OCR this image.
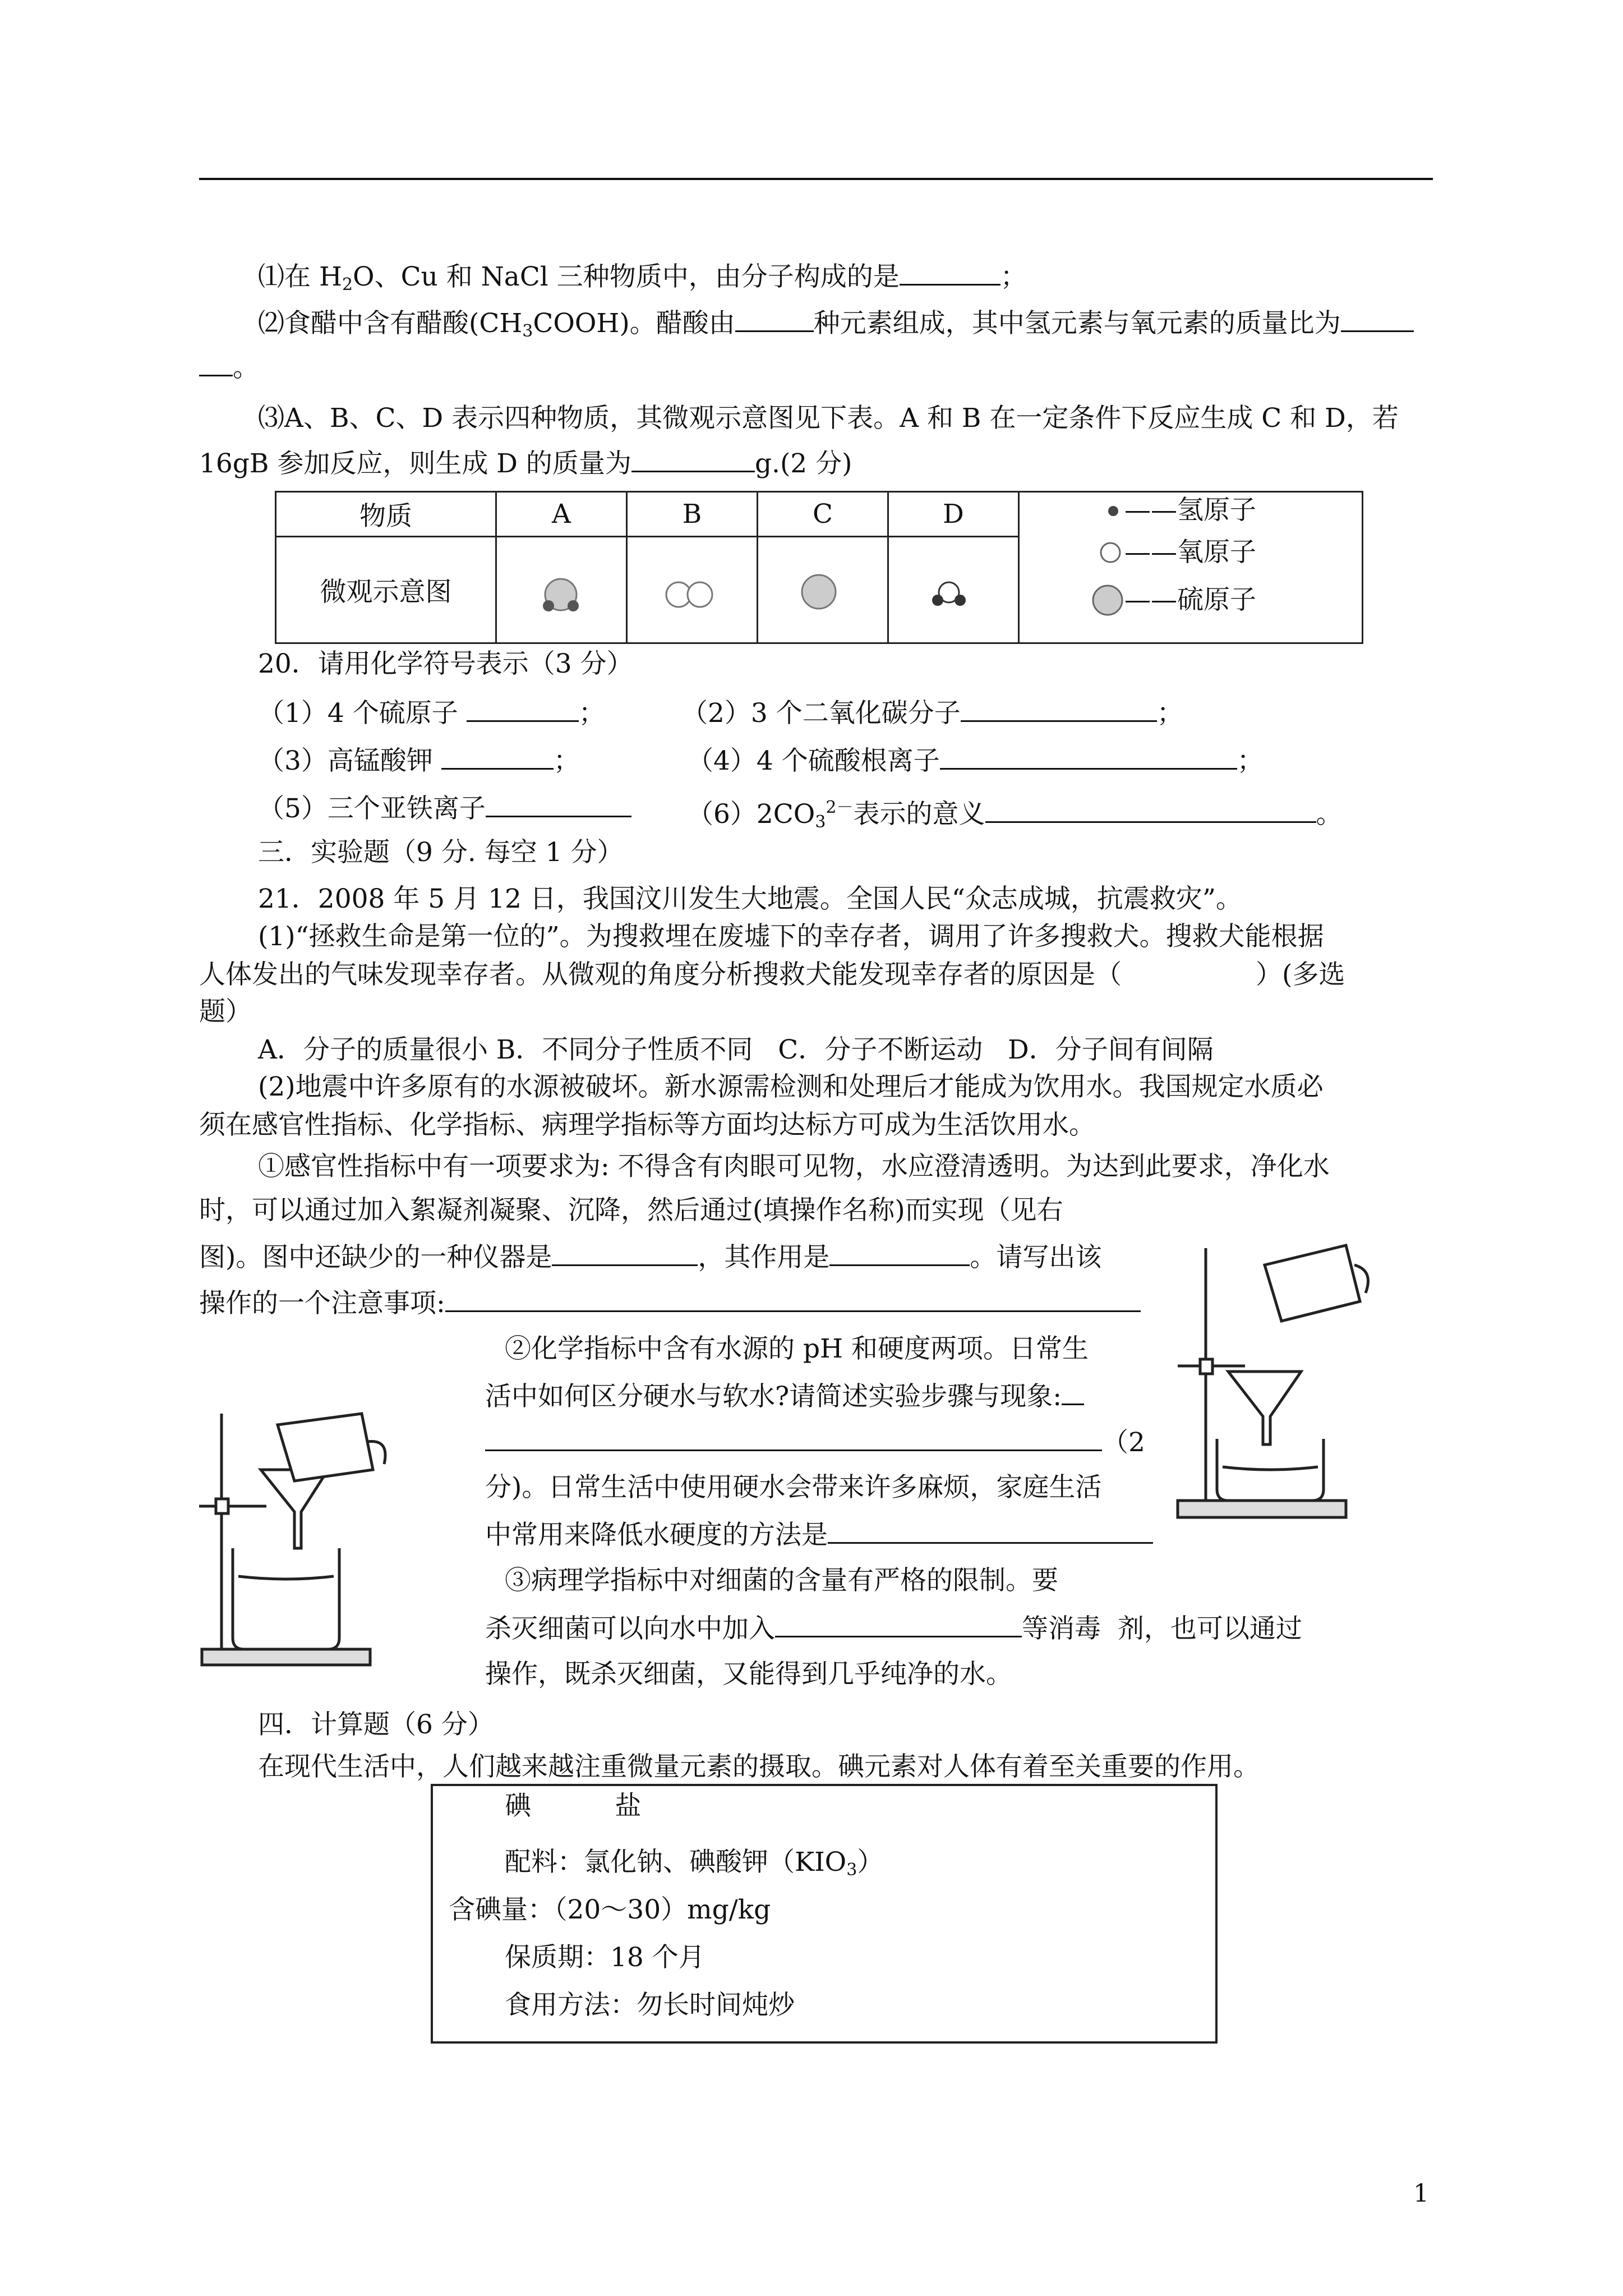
⑴在 $H_2O$、Cu 和 NaCl 三种物质中，由分子构成的是	；
⑵食醋中含有醋酸$(CH_3COOH)$。醋酸由	种元素组成，其中氢元素与氧元素的质量比为
。
⑶A、B、C、D 表示四种物质，其微观示意图见下表。A 和 B 在一定条件下反应生成 C 和 D，若
16gB 参加反应，则生成 D 的质量为	g.(2 分)
物质	A	B	C	D	
微观示意图					
——氢原子
——氧原子
——硫原子
20．请用化学符号表示（3 分）
（1）4 个硫原子	；	（2）3 个二氧化碳分子	；
（3）高锰酸钾	；	（4）4 个硫酸根离子	；
（5）三个亚铁离子	$(6)2CO_3^{2-}$表示的意义	。
三．实验题（9 分. 每空 1 分）
21．2008 年 5 月 12 日，我国汶川发生大地震。全国人民“众志成城，抗震救灾”。
(1)“拯救生命是第一位的”。为搜救埋在废墟下的幸存者，调用了许多搜救犬。搜救犬能根据
人体发出的气味发现幸存者。从微观的角度分析搜救犬能发现幸存者的原因是（                ）(多选
题）
A．分子的质量很小 B．不同分子性质不同   C．分子不断运动   D．分子间有间隔
(2)地震中许多原有的水源被破坏。新水源需检测和处理后才能成为饮用水。我国规定水质必
须在感官性指标、化学指标、病理学指标等方面均达标方可成为生活饮用水。
①感官性指标中有一项要求为: 不得含有肉眼可见物，水应澄清透明。为达到此要求，净化水
时，可以通过加入絮凝剂凝聚、沉降，然后通过(填操作名称)而实现（见右
图)。图中还缺少的一种仪器是	，其作用是	。请写出该
操作的一个注意事项:
②化学指标中含有水源的 pH 和硬度两项。日常生
活中如何区分硬水与软水?请简述实验步骤与现象:
（2
分)。日常生活中使用硬水会带来许多麻烦，家庭生活
中常用来降低水硬度的方法是
③病理学指标中对细菌的含量有严格的限制。要
杀灭细菌可以向水中加入	等消毒  剂，也可以通过
操作，既杀灭细菌，又能得到几乎纯净的水。
四．计算题（6 分）
在现代生活中，人们越来越注重微量元素的摄取。碘元素对人体有着至关重要的作用。
碘          盐
配料：氯化钠、碘酸钾$(KIO_3)$
含碘量：（20～30）mg/kg
保质期：18 个月
食用方法：勿长时间炖炒
1
